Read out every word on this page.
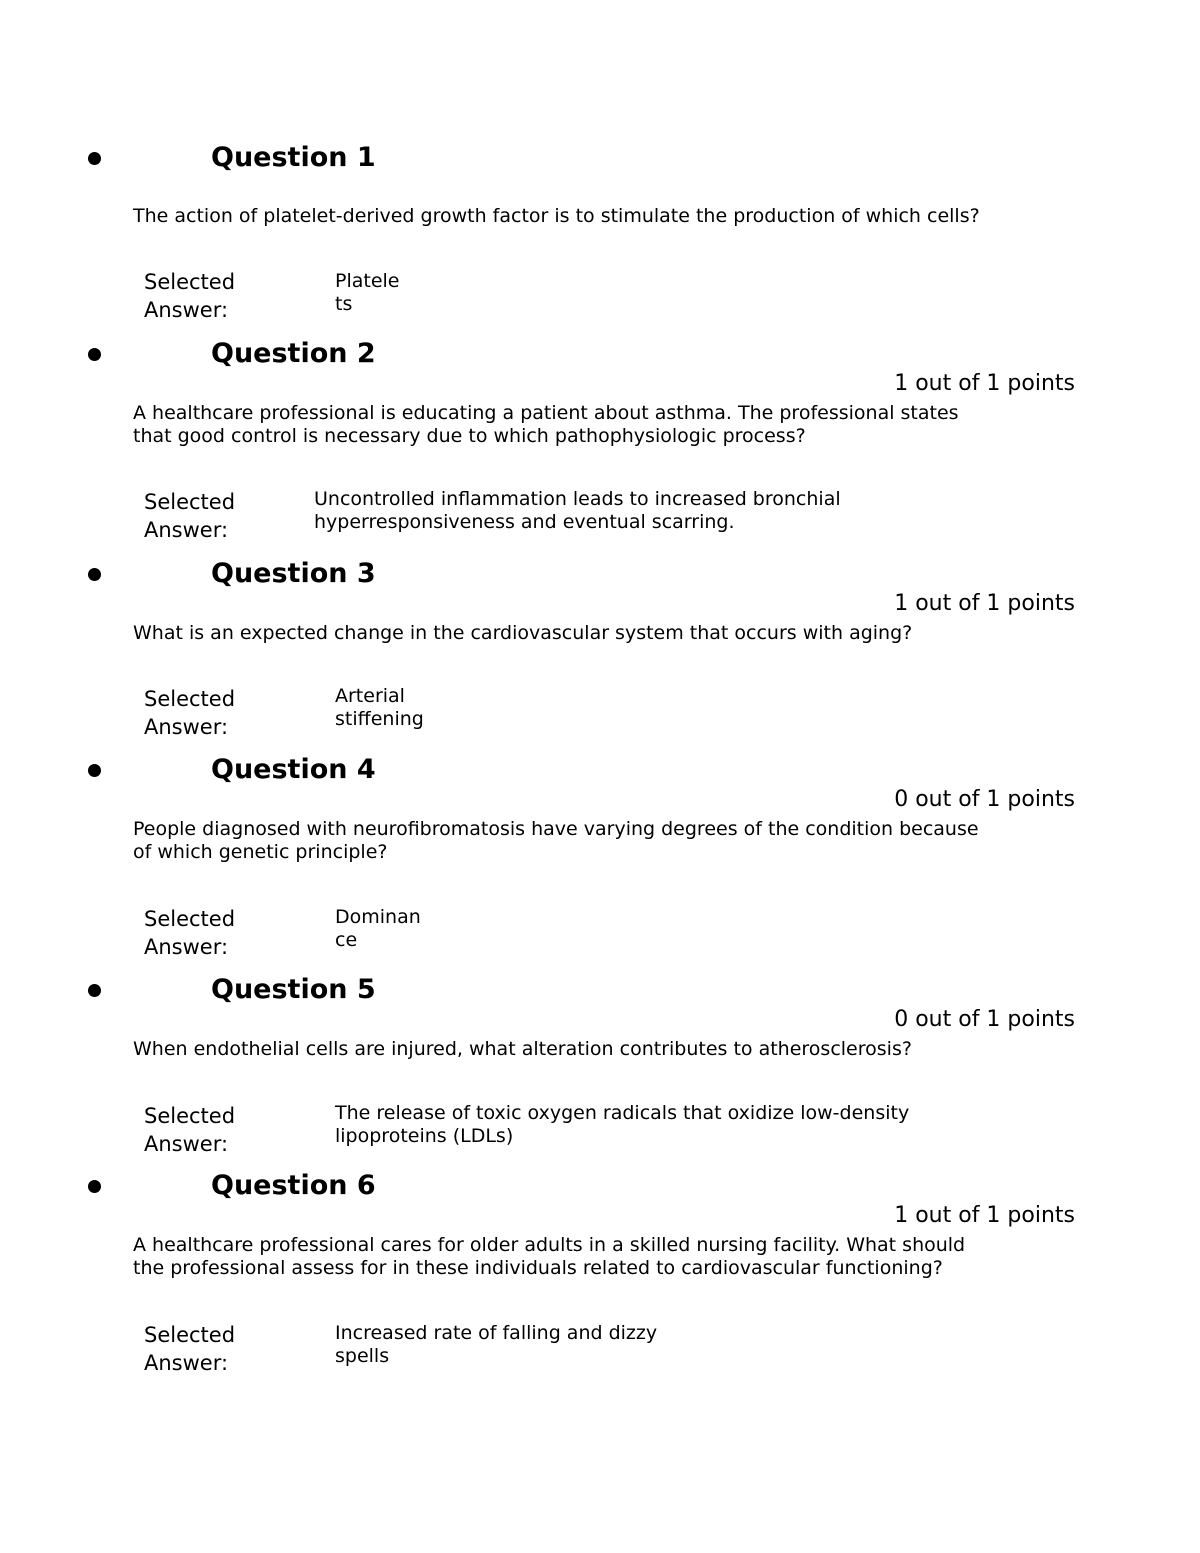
Question 1
The action of platelet-derived growth factor is to stimulate the production of which cells?
Selected
Answer:
Platele
ts
Question 2
1 out of 1 points
A healthcare professional is educating a patient about asthma. The professional states
that good control is necessary due to which pathophysiologic process?
Selected
Answer:
Uncontrolled inflammation leads to increased bronchial
hyperresponsiveness and eventual scarring.
Question 3
1 out of 1 points
What is an expected change in the cardiovascular system that occurs with aging?
Selected
Answer:
Arterial
stiffening
Question 4
0 out of 1 points
People diagnosed with neurofibromatosis have varying degrees of the condition because
of which genetic principle?
Selected
Answer:
Dominan
ce
Question 5
0 out of 1 points
When endothelial cells are injured, what alteration contributes to atherosclerosis?
Selected
Answer:
The release of toxic oxygen radicals that oxidize low-density
lipoproteins (LDLs)
Question 6
1 out of 1 points
A healthcare professional cares for older adults in a skilled nursing facility. What should
the professional assess for in these individuals related to cardiovascular functioning?
Selected
Answer:
Increased rate of falling and dizzy
spells
